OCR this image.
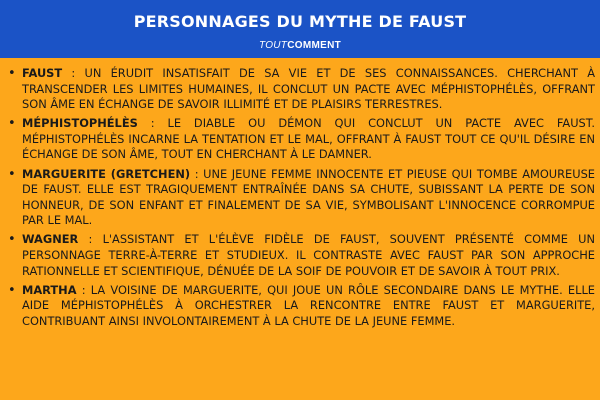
PERSONNAGES DU MYTHE DE FAUST
TOUTCOMMENT
• FAUST : UN ÉRUDIT INSATISFAIT DE SA VIE ET DE SES CONNAISSANCES. CHERCHANT À TRANSCENDER LES LIMITES HUMAINES, IL CONCLUT UN PACTE AVEC MÉPHISTOPHÉLÈS, OFFRANT SON ÂME EN ÉCHANGE DE SAVOIR ILLIMITÉ ET DE PLAISIRS TERRESTRES.
• MÉPHISTOPHÉLÈS : LE DIABLE OU DÉMON QUI CONCLUT UN PACTE AVEC FAUST. MÉPHISTOPHÉLÈS INCARNE LA TENTATION ET LE MAL, OFFRANT À FAUST TOUT CE QU'IL DÉSIRE EN ÉCHANGE DE SON ÂME, TOUT EN CHERCHANT À LE DAMNER.
• MARGUERITE (GRETCHEN) : UNE JEUNE FEMME INNOCENTE ET PIEUSE QUI TOMBE AMOUREUSE DE FAUST. ELLE EST TRAGIQUEMENT ENTRAÎNÉE DANS SA CHUTE, SUBISSANT LA PERTE DE SON HONNEUR, DE SON ENFANT ET FINALEMENT DE SA VIE, SYMBOLISANT L'INNOCENCE CORROMPUE PAR LE MAL.
• WAGNER : L'ASSISTANT ET L'ÉLÈVE FIDÈLE DE FAUST, SOUVENT PRÉSENTÉ COMME UN PERSONNAGE TERRE-À-TERRE ET STUDIEUX. IL CONTRASTE AVEC FAUST PAR SON APPROCHE RATIONNELLE ET SCIENTIFIQUE, DÉNUÉE DE LA SOIF DE POUVOIR ET DE SAVOIR À TOUT PRIX.
• MARTHA : LA VOISINE DE MARGUERITE, QUI JOUE UN RÔLE SECONDAIRE DANS LE MYTHE. ELLE AIDE MÉPHISTOPHÉLÈS À ORCHESTRER LA RENCONTRE ENTRE FAUST ET MARGUERITE, CONTRIBUANT AINSI INVOLONTAIREMENT À LA CHUTE DE LA JEUNE FEMME.
